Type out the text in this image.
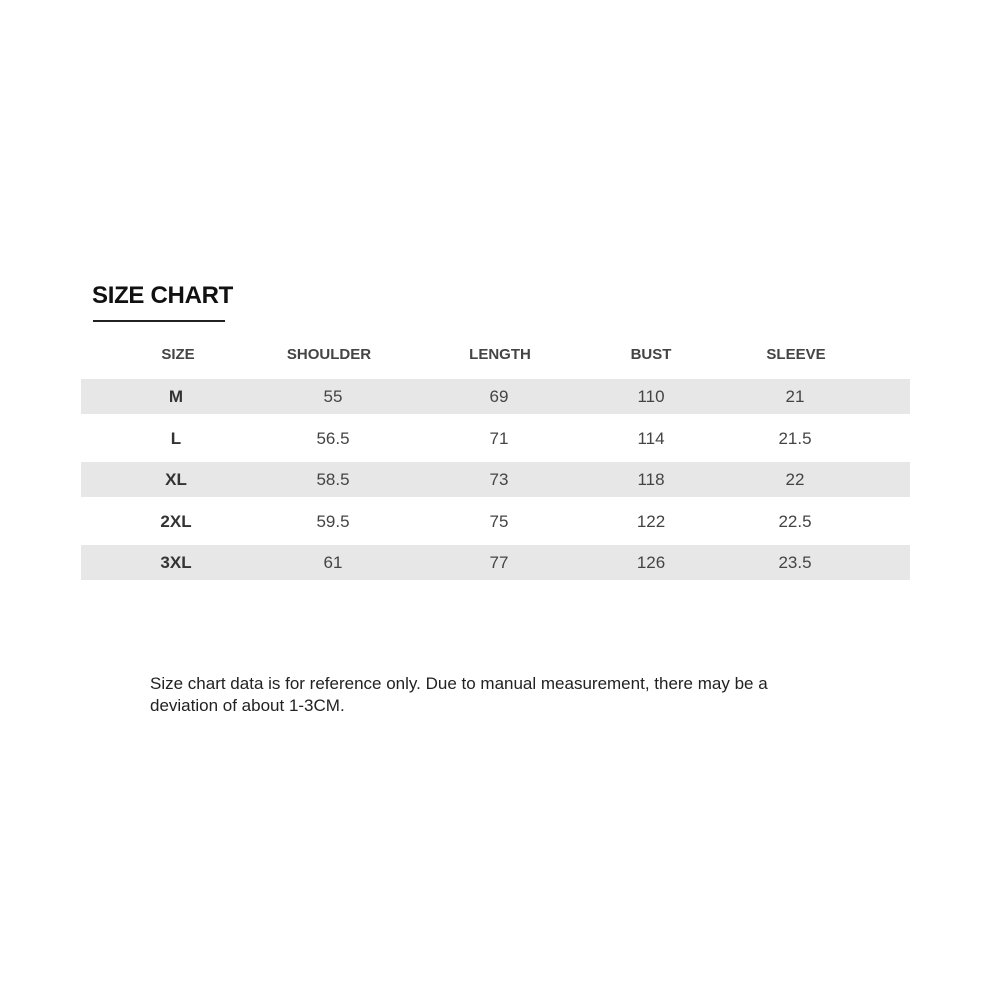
SIZE CHART
SIZE	SHOULDER	LENGTH	BUST	SLEEVE
M	55	69	110	21
L	56.5	71	114	21.5
XL	58.5	73	118	22
2XL	59.5	75	122	22.5
3XL	61	77	126	23.5
Size chart data is for reference only. Due to manual measurement, there may be a deviation of about 1-3CM.
